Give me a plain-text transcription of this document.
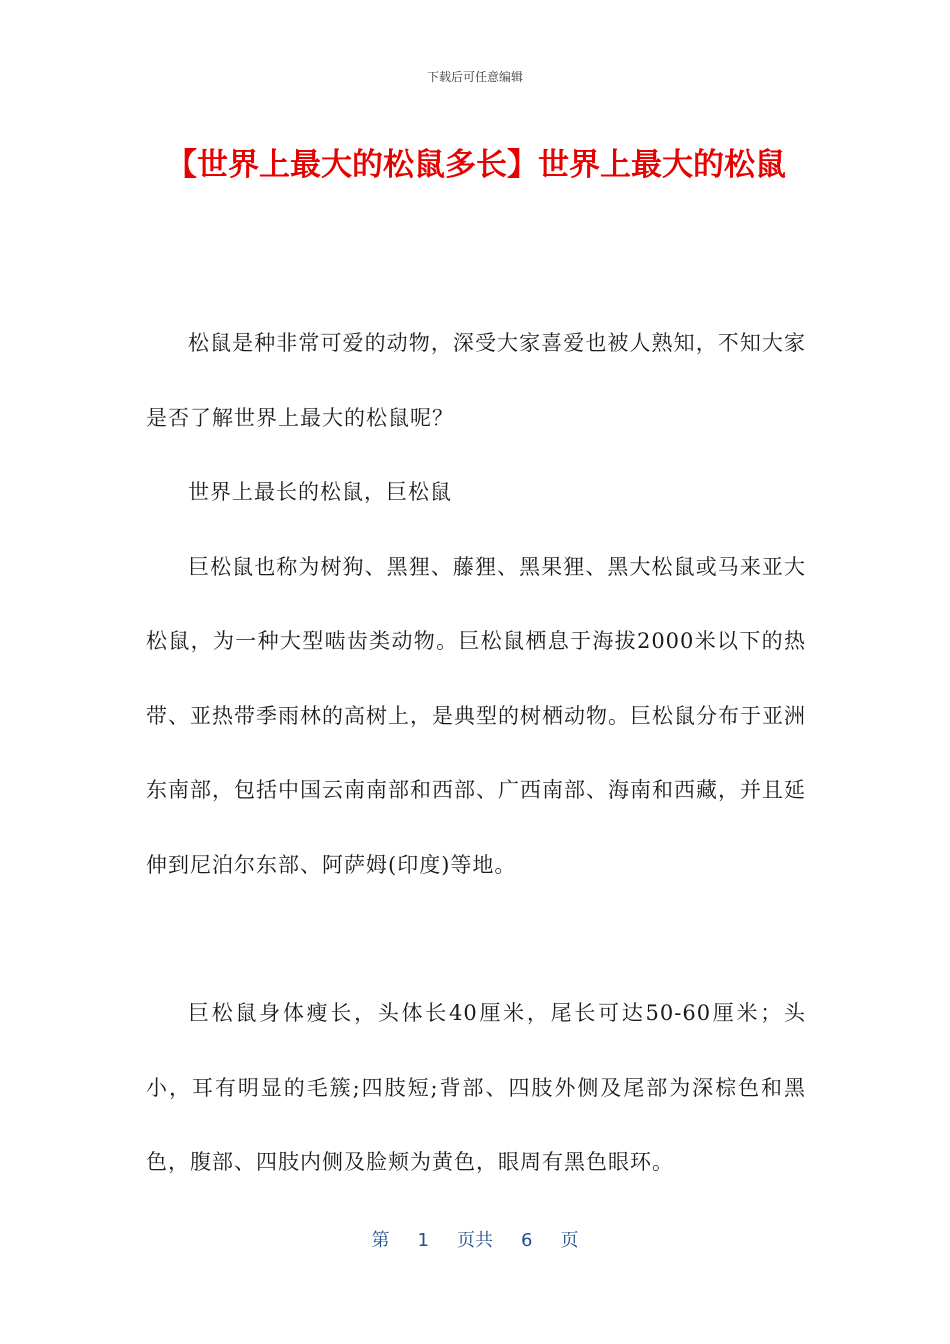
下载后可任意编辑
【世界上最大的松鼠多长】世界上最大的松鼠

松鼠是种非常可爱的动物，深受大家喜爱也被人熟知，不知大家是否了解世界上最大的松鼠呢？

世界上最长的松鼠，巨松鼠

巨松鼠也称为树狗、黑狸、藤狸、黑果狸、黑大松鼠或马来亚大松鼠，为一种大型啮齿类动物。巨松鼠栖息于海拔2000米以下的热带、亚热带季雨林的高树上，是典型的树栖动物。巨松鼠分布于亚洲东南部，包括中国云南南部和西部、广西南部、海南和西藏，并且延伸到尼泊尔东部、阿萨姆(印度)等地。

巨松鼠身体瘦长，头体长40厘米，尾长可达50-60厘米；头小，耳有明显的毛簇;四肢短;背部、四肢外侧及尾部为深棕色和黑色，腹部、四肢内侧及脸颊为黄色，眼周有黑色眼环。

第 1 页共 6 页
